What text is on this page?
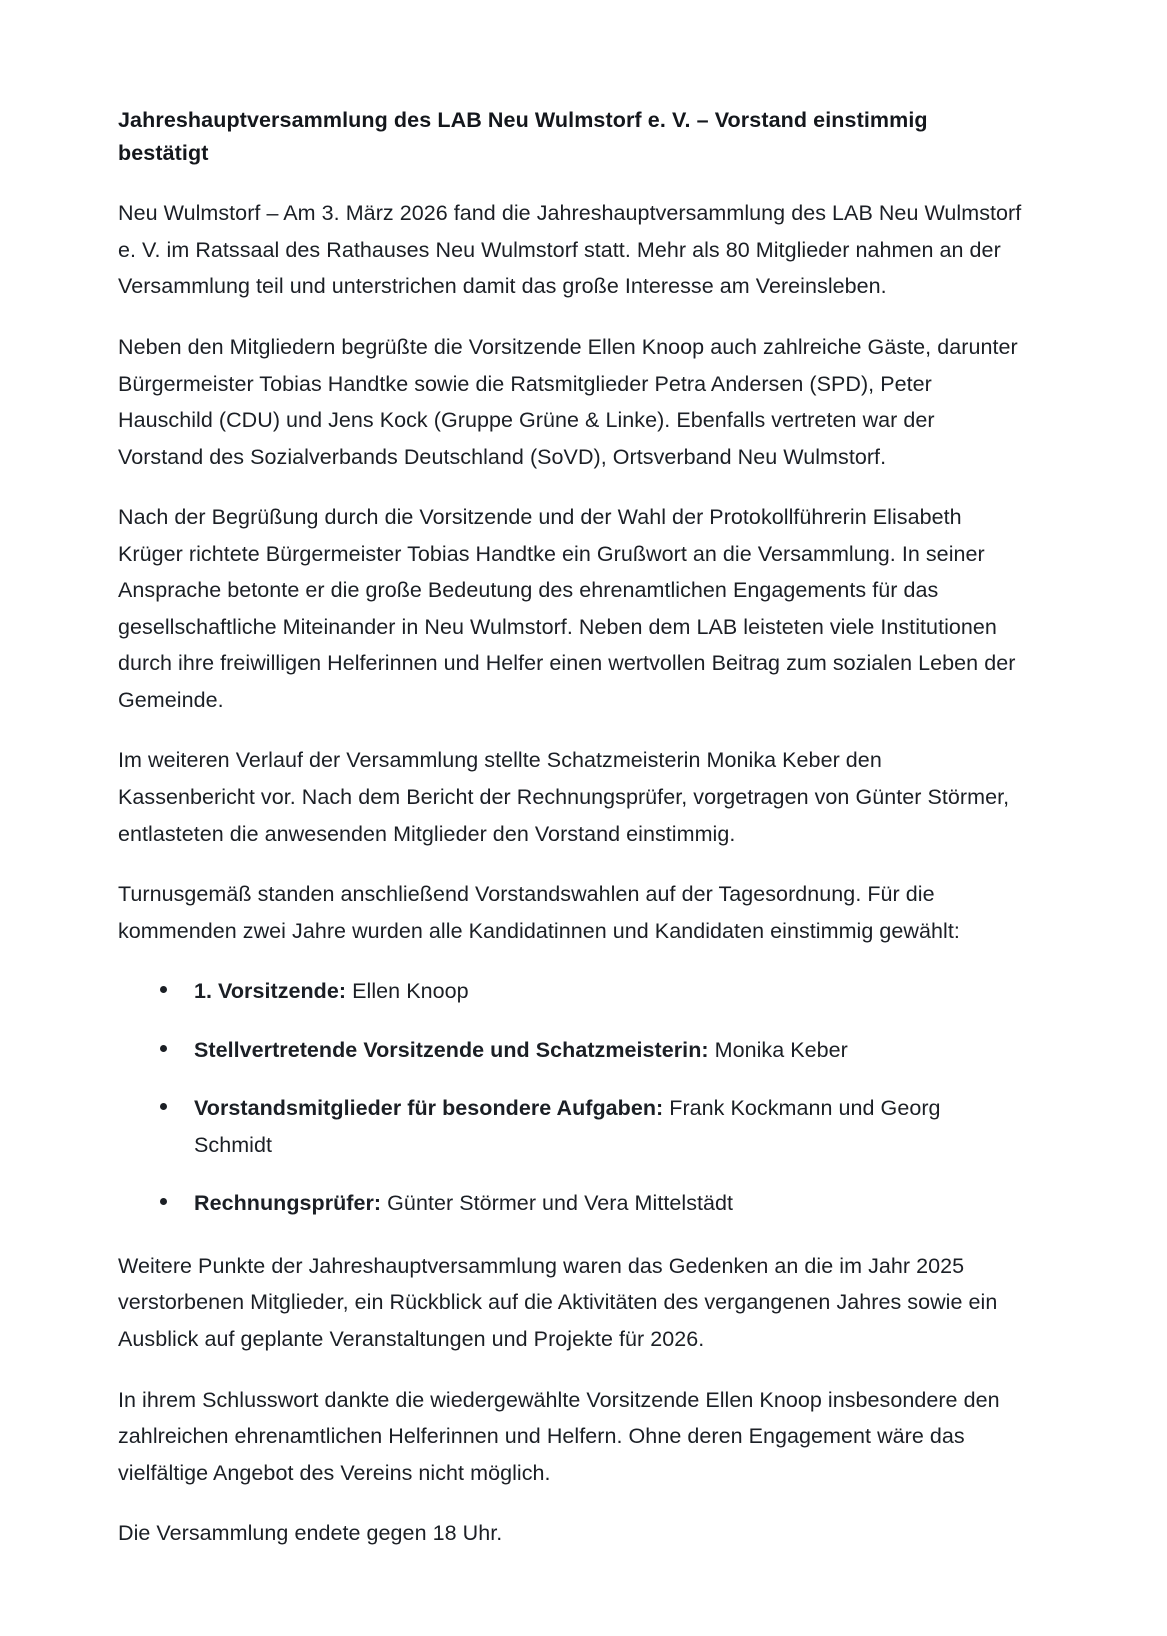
Jahreshauptversammlung des LAB Neu Wulmstorf e. V. – Vorstand einstimmig bestätigt

Neu Wulmstorf – Am 3. März 2026 fand die Jahreshauptversammlung des LAB Neu Wulmstorf e. V. im Ratssaal des Rathauses Neu Wulmstorf statt. Mehr als 80 Mitglieder nahmen an der Versammlung teil und unterstrichen damit das große Interesse am Vereinsleben.

Neben den Mitgliedern begrüßte die Vorsitzende Ellen Knoop auch zahlreiche Gäste, darunter Bürgermeister Tobias Handtke sowie die Ratsmitglieder Petra Andersen (SPD), Peter Hauschild (CDU) und Jens Kock (Gruppe Grüne & Linke). Ebenfalls vertreten war der Vorstand des Sozialverbands Deutschland (SoVD), Ortsverband Neu Wulmstorf.

Nach der Begrüßung durch die Vorsitzende und der Wahl der Protokollführerin Elisabeth Krüger richtete Bürgermeister Tobias Handtke ein Grußwort an die Versammlung. In seiner Ansprache betonte er die große Bedeutung des ehrenamtlichen Engagements für das gesellschaftliche Miteinander in Neu Wulmstorf. Neben dem LAB leisteten viele Institutionen durch ihre freiwilligen Helferinnen und Helfer einen wertvollen Beitrag zum sozialen Leben der Gemeinde.

Im weiteren Verlauf der Versammlung stellte Schatzmeisterin Monika Keber den Kassenbericht vor. Nach dem Bericht der Rechnungsprüfer, vorgetragen von Günter Störmer, entlasteten die anwesenden Mitglieder den Vorstand einstimmig.

Turnusgemäß standen anschließend Vorstandswahlen auf der Tagesordnung. Für die kommenden zwei Jahre wurden alle Kandidatinnen und Kandidaten einstimmig gewählt:

1. Vorsitzende: Ellen Knoop
Stellvertretende Vorsitzende und Schatzmeisterin: Monika Keber
Vorstandsmitglieder für besondere Aufgaben: Frank Kockmann und Georg Schmidt
Rechnungsprüfer: Günter Störmer und Vera Mittelstädt

Weitere Punkte der Jahreshauptversammlung waren das Gedenken an die im Jahr 2025 verstorbenen Mitglieder, ein Rückblick auf die Aktivitäten des vergangenen Jahres sowie ein Ausblick auf geplante Veranstaltungen und Projekte für 2026.

In ihrem Schlusswort dankte die wiedergewählte Vorsitzende Ellen Knoop insbesondere den zahlreichen ehrenamtlichen Helferinnen und Helfern. Ohne deren Engagement wäre das vielfältige Angebot des Vereins nicht möglich.

Die Versammlung endete gegen 18 Uhr.
